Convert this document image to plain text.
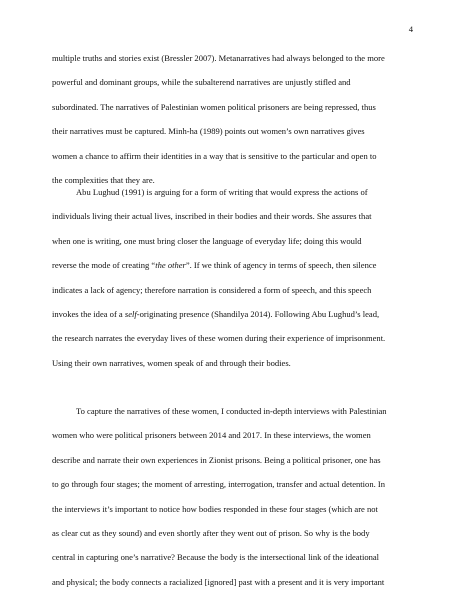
4
multiple truths and stories exist (Bressler 2007). Metanarratives had always belonged to the more
powerful and dominant groups, while the subalterend narratives are unjustly stifled and
subordinated. The narratives of Palestinian women political prisoners are being repressed, thus
their narratives must be captured. Minh-ha (1989) points out women’s own narratives gives
women a chance to affirm their identities in a way that is sensitive to the particular and open to
the complexities that they are.
Abu Lughud (1991) is arguing for a form of writing that would express the actions of
individuals living their actual lives, inscribed in their bodies and their words. She assures that
when one is writing, one must bring closer the language of everyday life; doing this would
reverse the mode of creating “the other”. If we think of agency in terms of speech, then silence
indicates a lack of agency; therefore narration is considered a form of speech, and this speech
invokes the idea of a self-originating presence (Shandilya 2014). Following Abu Lughud’s lead,
the research narrates the everyday lives of these women during their experience of imprisonment.
Using their own narratives, women speak of and through their bodies.
To capture the narratives of these women, I conducted in-depth interviews with Palestinian
women who were political prisoners between 2014 and 2017. In these interviews, the women
describe and narrate their own experiences in Zionist prisons. Being a political prisoner, one has
to go through four stages; the moment of arresting, interrogation, transfer and actual detention. In
the interviews it’s important to notice how bodies responded in these four stages (which are not
as clear cut as they sound) and even shortly after they went out of prison. So why is the body
central in capturing one’s narrative? Because the body is the intersectional link of the ideational
and physical; the body connects a racialized [ignored] past with a present and it is very important
